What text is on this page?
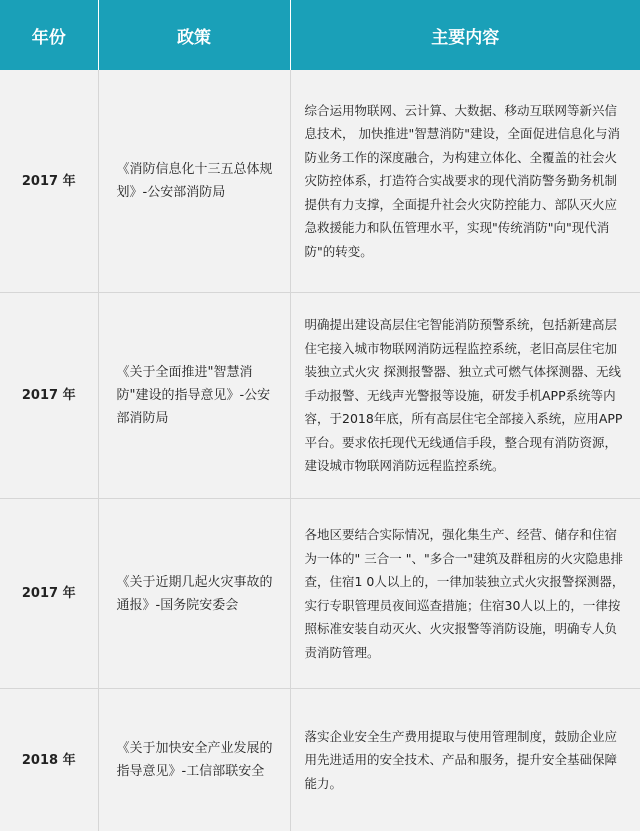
年份	政策	主要内容
2017 年	《消防信息化十三五总体规划》-公安部消防局	综合运用物联网、云计算、大数据、移动互联网等新兴信息技术， 加快推进"智慧消防"建设，全面促进信息化与消防业务工作的深度融合，为构建立体化、全覆盖的社会火灾防控体系，打造符合实战要求的现代消防警务勤务机制提供有力支撑，全面提升社会火灾防控能力、部队灭火应急救援能力和队伍管理水平，实现"传统消防"向"现代消防"的转变。
2017 年	《关于全面推进"智慧消防"建设的指导意见》-公安部消防局	明确提出建设高层住宅智能消防预警系统，包括新建高层住宅接入城市物联网消防远程监控系统，老旧高层住宅加装独立式火灾 探测报警器、独立式可燃气体探测器、无线手动报警、无线声光警报等设施，研发手机APP系统等内容，于2018年底，所有高层住宅全部接入系统，应用APP平台。要求依托现代无线通信手段，整合现有消防资源，建设城市物联网消防远程监控系统。
2017 年	《关于近期几起火灾事故的通报》-国务院安委会	各地区要结合实际情况，强化集生产、经营、储存和住宿为一体的" 三合一 "、"多合一"建筑及群租房的火灾隐患排查，住宿1 0人以上的，一律加装独立式火灾报警探测器，实行专职管理员夜间巡查措施；住宿30人以上的，一律按照标准安装自动灭火、火灾报警等消防设施，明确专人负责消防管理。
2018 年	《关于加快安全产业发展的指导意见》-工信部联安全	落实企业安全生产费用提取与使用管理制度，鼓励企业应用先进适用的安全技术、产品和服务，提升安全基础保障能力。
